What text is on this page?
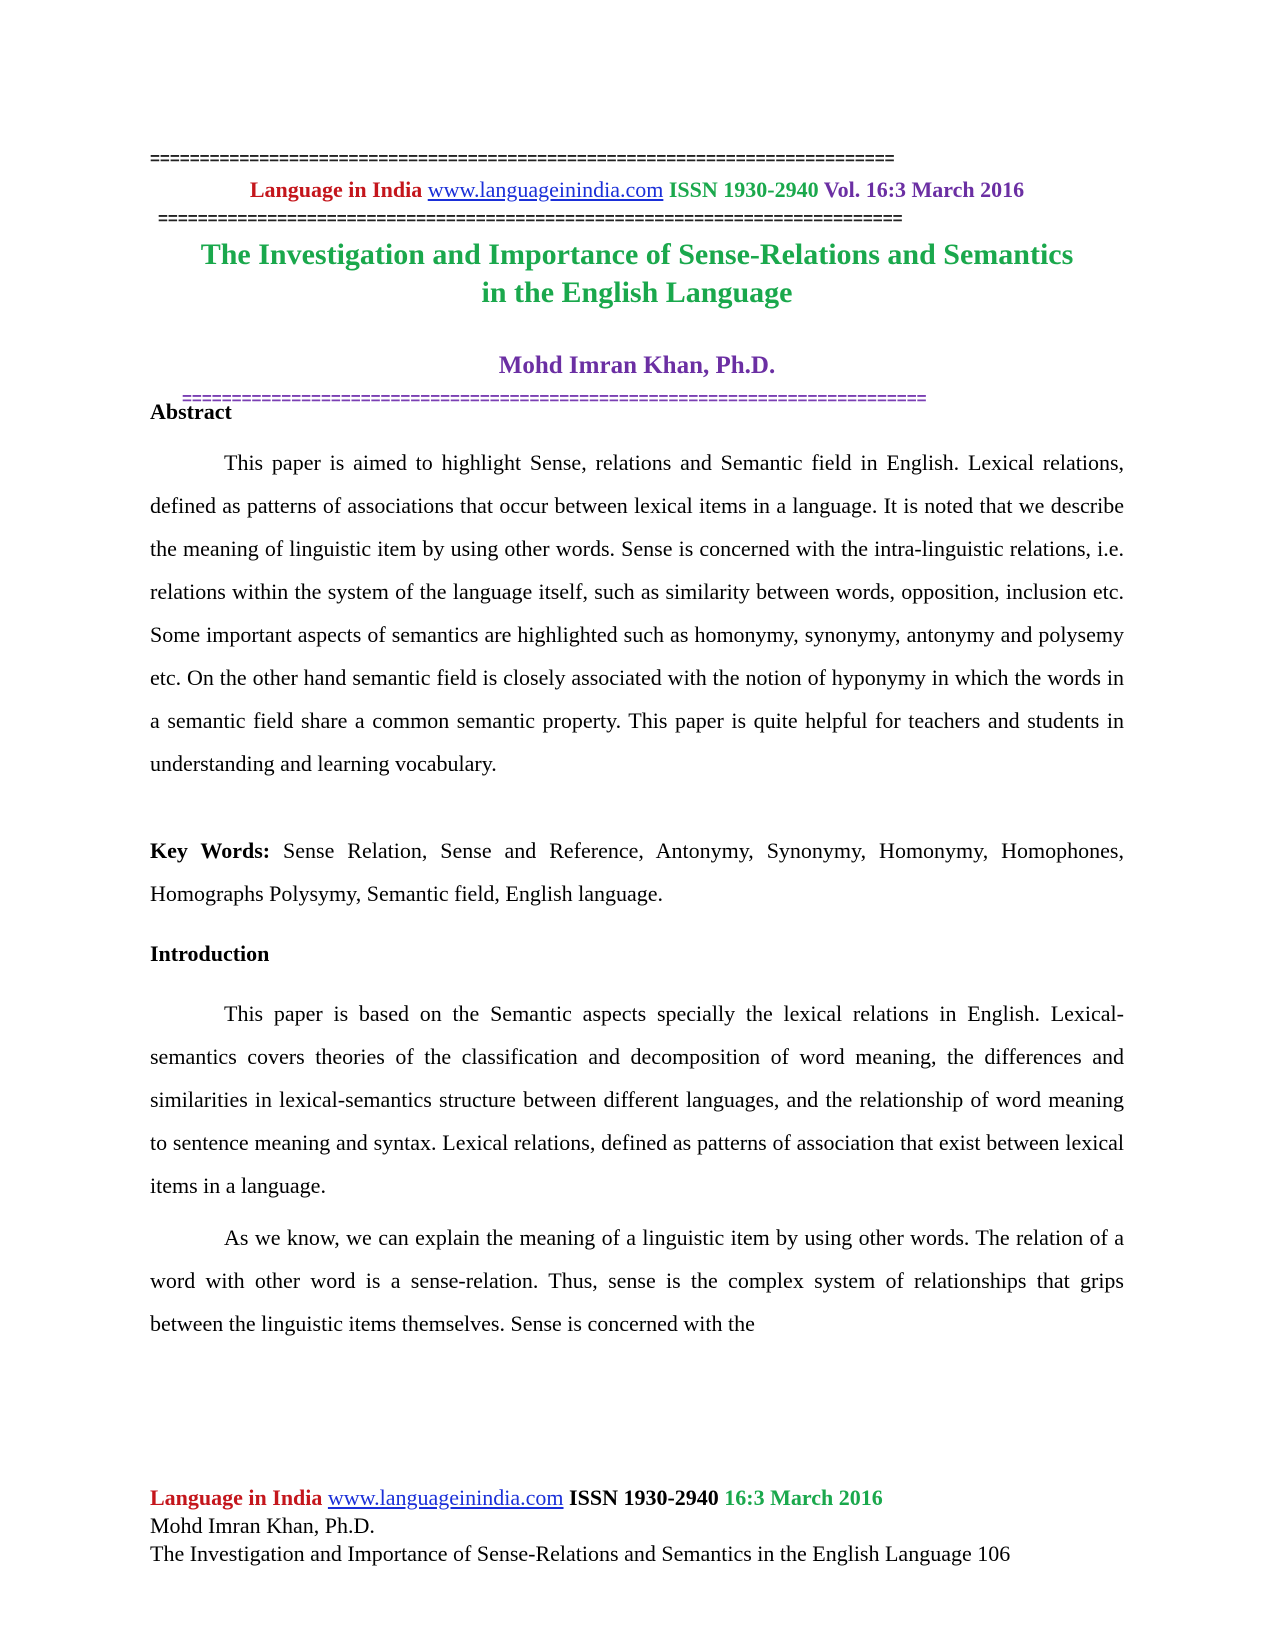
===========================================================================
Language in India www.languageinindia.com ISSN 1930-2940 Vol. 16:3 March 2016
===========================================================================
The Investigation and Importance of Sense-Relations and Semantics
in the English Language
Mohd Imran Khan, Ph.D.
===========================================================================
Abstract
This paper is aimed to highlight Sense, relations and Semantic field in English. Lexical relations, defined as patterns of associations that occur between lexical items in a language. It is noted that we describe the meaning of linguistic item by using other words. Sense is concerned with the intra-linguistic relations, i.e. relations within the system of the language itself, such as similarity between words, opposition, inclusion etc. Some important aspects of semantics are highlighted such as homonymy, synonymy, antonymy and polysemy etc. On the other hand semantic field is closely associated with the notion of hyponymy in which the words in a semantic field share a common semantic property. This paper is quite helpful for teachers and students in understanding and learning vocabulary.
Key Words: Sense Relation, Sense and Reference, Antonymy, Synonymy, Homonymy, Homophones, Homographs Polysymy, Semantic field, English language.
Introduction
This paper is based on the Semantic aspects specially the lexical relations in English. Lexical-semantics covers theories of the classification and decomposition of word meaning, the differences and similarities in lexical-semantics structure between different languages, and the relationship of word meaning to sentence meaning and syntax. Lexical relations, defined as patterns of association that exist between lexical items in a language.
As we know, we can explain the meaning of a linguistic item by using other words. The relation of a word with other word is a sense-relation. Thus, sense is the complex system of relationships that grips between the linguistic items themselves. Sense is concerned with the
Language in India www.languageinindia.com ISSN 1930-2940 16:3 March 2016
Mohd Imran Khan, Ph.D.
The Investigation and Importance of Sense-Relations and Semantics in the English Language 106
